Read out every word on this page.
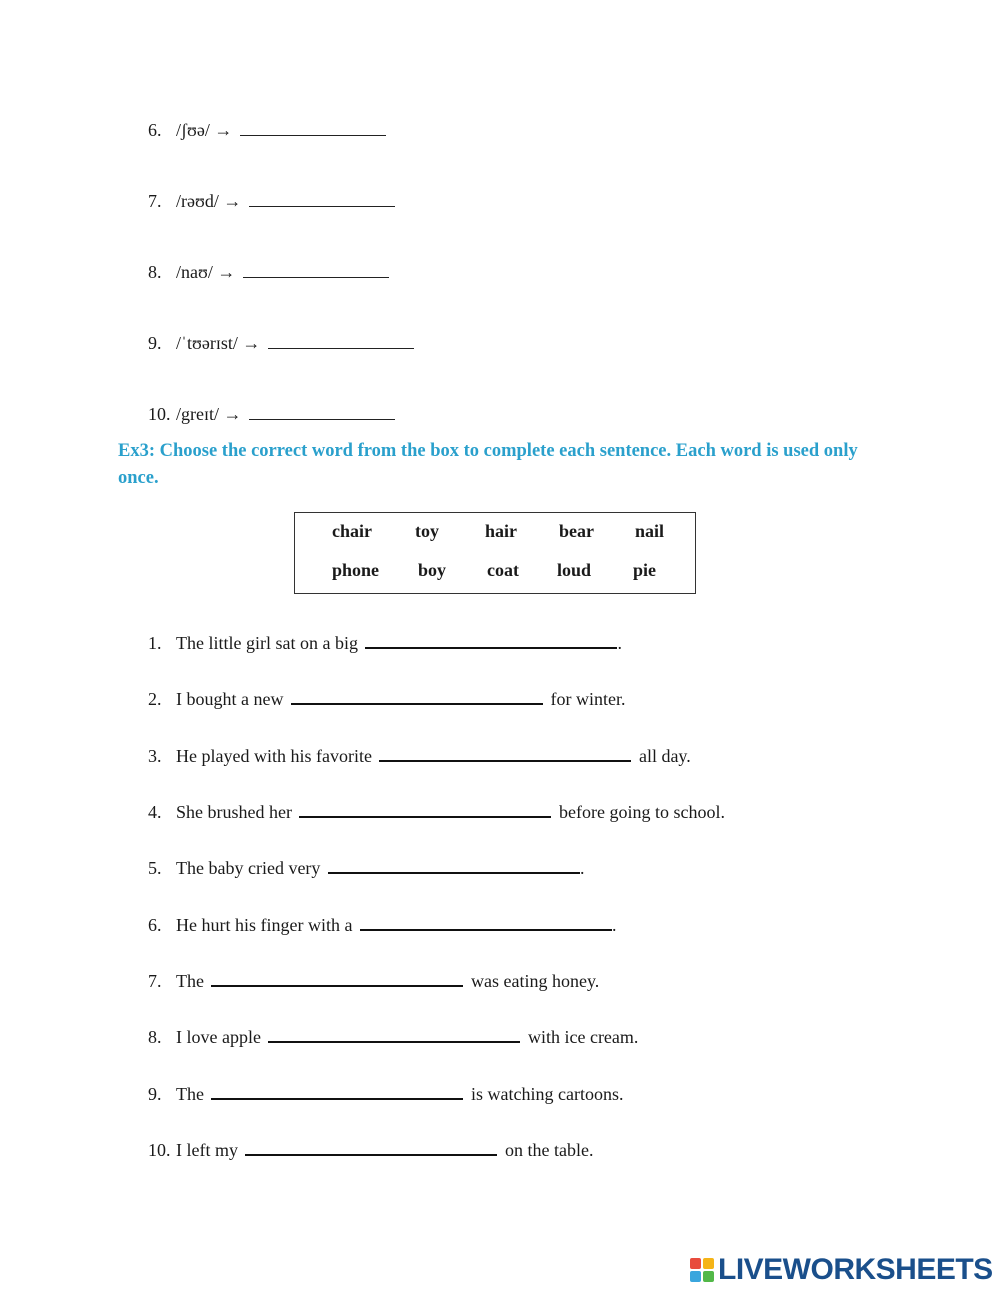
6. /ʃʊə/ →
7. /rəʊd/ →
8. /naʊ/ →
9. /ˈtʊərɪst/ →
10. /greɪt/ →
Ex3: Choose the correct word from the box to complete each sentence. Each word is used only once.
chair toy	hair bear nail
phone boy coat loud pie
1. The little girl sat on a big	.
2. I bought a new	for winter.
3. He played with his favorite	all day.
4. She brushed her	before going to school.
5. The baby cried very	.
6. He hurt his finger with a	.
7. The	was eating honey.
8. I love apple	with ice cream.
9. The	is watching cartoons.
10. I left my	on the table.
LIVEWORKSHEETS
